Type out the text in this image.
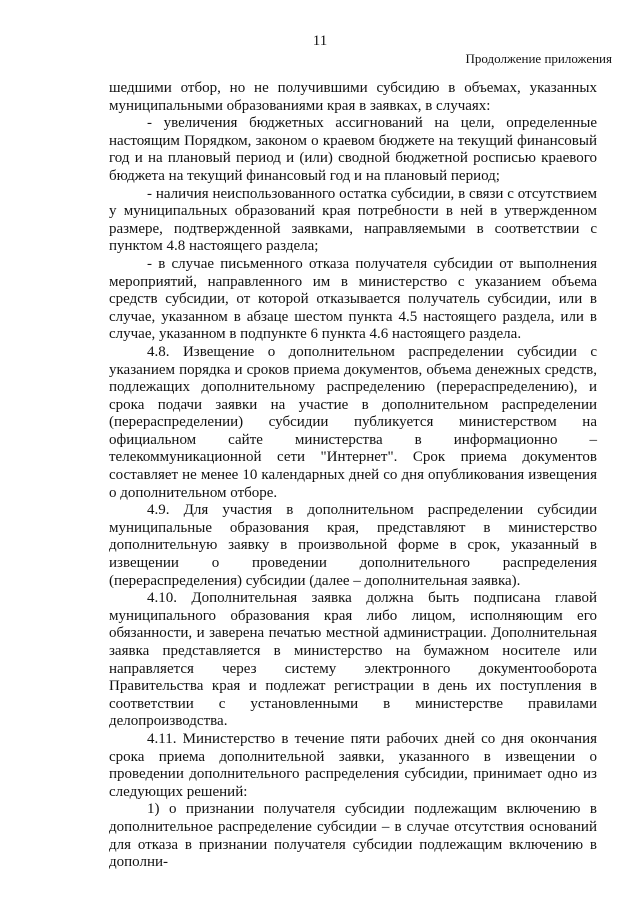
11
Продолжение приложения

шедшими отбор, но не получившими субсидию в объемах, указанных муниципальными образованиями края в заявках, в случаях:

- увеличения бюджетных ассигнований на цели, определенные настоящим Порядком, законом о краевом бюджете на текущий финансовый год и на плановый период и (или) сводной бюджетной росписью краевого бюджета на текущий финансовый год и на плановый период;

- наличия неиспользованного остатка субсидии, в связи с отсутствием у муниципальных образований края потребности в ней в утвержденном размере, подтвержденной заявками, направляемыми в соответствии с пунктом 4.8 настоящего раздела;

- в случае письменного отказа получателя субсидии от выполнения мероприятий, направленного им в министерство с указанием объема средств субсидии, от которой отказывается получатель субсидии, или в случае, указанном в абзаце шестом пункта 4.5 настоящего раздела, или в случае, указанном в подпункте 6 пункта 4.6 настоящего раздела.

4.8. Извещение о дополнительном распределении субсидии с указанием порядка и сроков приема документов, объема денежных средств, подлежащих дополнительному распределению (перераспределению), и срока подачи заявки на участие в дополнительном распределении (перераспределении) субсидии публикуется министерством на официальном сайте министерства в информационно – телекоммуникационной сети "Интернет". Срок приема документов составляет не менее 10 календарных дней со дня опубликования извещения о дополнительном отборе.

4.9. Для участия в дополнительном распределении субсидии муниципальные образования края, представляют в министерство дополнительную заявку в произвольной форме в срок, указанный в извещении о проведении дополнительного распределения (перераспределения) субсидии (далее – дополнительная заявка).

4.10. Дополнительная заявка должна быть подписана главой муниципального образования края либо лицом, исполняющим его обязанности, и заверена печатью местной администрации. Дополнительная заявка представляется в министерство на бумажном носителе или направляется через систему электронного документооборота Правительства края и подлежат регистрации в день их поступления в соответствии с установленными в министерстве правилами делопроизводства.

4.11. Министерство в течение пяти рабочих дней со дня окончания срока приема дополнительной заявки, указанного в извещении о проведении дополнительного распределения субсидии, принимает одно из следующих решений:

1) о признании получателя субсидии подлежащим включению в дополнительное распределение субсидии – в случае отсутствия оснований для отказа в признании получателя субсидии подлежащим включению в дополни-
